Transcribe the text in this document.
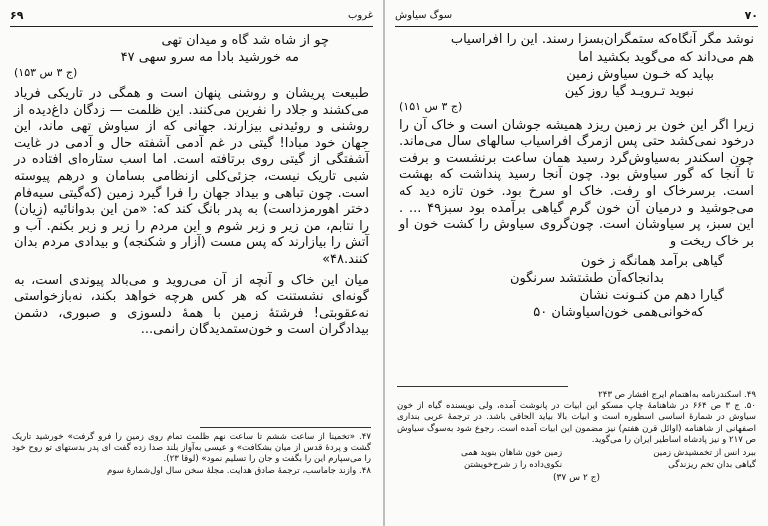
۶۹	غروب
چو از شاه شد گاه و میدان تهی
مه خورشید بادا مه سرو سهی ۴۷
(ج ۳ س ۱۵۳)

طبیعت پریشان و روشنی پنهان است و همگی در تاریکی فریاد می‌کشند و جلاد را نفرین می‌کنند. این ظلمت — زدگان داغ‌دیده از روشنی و روئیدنی بیزارند. جهانی که از سیاوش تهی ماند، این جهان خود مبادا! گیتی در غم آدمی آشفته حال و آدمی در غایت آشفتگی از گیتی روی برتافته است. اما اسب ستاره‌ای افتاده در شبی تاریک نیست، جزئی‌کلی ازنظامی بسامان و درهم پیوسته است. چون تباهی و بیداد جهان را فرا گیرد زمین (که‌گیتی سیه‌فام دختر اهورمزداست) به پدر بانگ کند که: «من این بدوانائیه (زیان) را نتابم، من زیر و زبر شوم و این مردم را زیر و زبر بکنم. آب و آتش را بیازارند که پس مست (آزار و شکنجه) و بیدادی مردم بدان کنند.۴۸»

میان این خاک و آنچه از آن می‌روید و می‌بالد پیوندی است، به گونه‌ای نشستنت که هر کس هرچه خواهد بکند، نه‌بازخواستی نه‌عقوبتی! فرشتهٔ زمین با همهٔ دلسوزی و صبوری، دشمن بیدادگران است و خون‌ستمدیدگان رانمی...

۴۷. «تخمینا از ساعت ششم تا ساعت نهم ظلمت تمام روی زمین را فرو گرفت» خورشید تاریک گشت و پردهٔ قدس از میان بشکافت» و عیسی به‌آواز بلند صدا زده گفت ای پدر بدستهای تو روح خود را می‌سپارم این را بگفت و جان را تسلیم نمود» (لوقا ۲۳).

۴۸. وازند جاماسب، ترجمهٔ صادق هدایت. مجلهٔ سخن سال اول‌شمارهٔ سوم

۷۰
سوگ سیاوش

نوشد مگر آنگاه‌که ستمگران‌بسزا رسند. این را افراسیاب

هم می‌داند که می‌گوید بکشید اما
بپاید که خـون سیاوش زمین
نبوید تـرویـد گیا روز کین
(ج ۳ س ۱۵۱)

زیرا اگر این خون بر زمین ریزد همیشه جوشان است و خاک آن را درخود نمی‌کشد حتی پس ازمرگ افراسیاب سالهای سال می‌ماند. چون اسکندر به‌سیاوش‌گرد رسید همان ساعت برنشست و برفت تا آنجا که گور سیاوش بود. چون آنجا رسید پنداشت که بهشت است. برسرخاک او رفت. خاک او سرخ بود. خون تازه دید که می‌جوشید و درمیان آن خون گرم گیاهی برآمده بود سبز۴۹ ... . این سبز، پر سیاوشان است. چون‌گروی سیاوش را کشت خون او بر خاک ریخت و

گیاهی برآمد همانگه ز خون
بدانجاکه‌آن طشتشد سرنگون
گیارا دهم من کنـونت نشان
که‌خوانی‌همی خون‌اسیاوشان ۵۰

۴۹. اسکندرنامه به‌اهتمام ایرج افشار ص ۲۴۳

۵۰. ج ۳ ص ۶۶۴ در شاهنامهٔ چاپ مسکو این ابیات در پانوشت آمده، ولی نویسنده گیاه از خون سیاوش در شمارۀ اساسی اسطوره است و ابیات بالا بیاید الحاقی باشد. در ترجمهٔ عربی بنداری اصفهانی از شاهنامه (اوائل قرن هفتم) نیز مضمون این ابیات آمده است. رجوع شود به‌سوگ سیاوش ص ۲۱۷ و نیز پادشاه اساطیر ایران را می‌گوید.

ببرد انس از تخمشیدش زمین
گیاهی بدان تخم ریزندگی
زمین خون شاهان بنوید همی
نکوی‌داده را ز شرح‌خویشتن
(ج ۲ س ۳۷)
